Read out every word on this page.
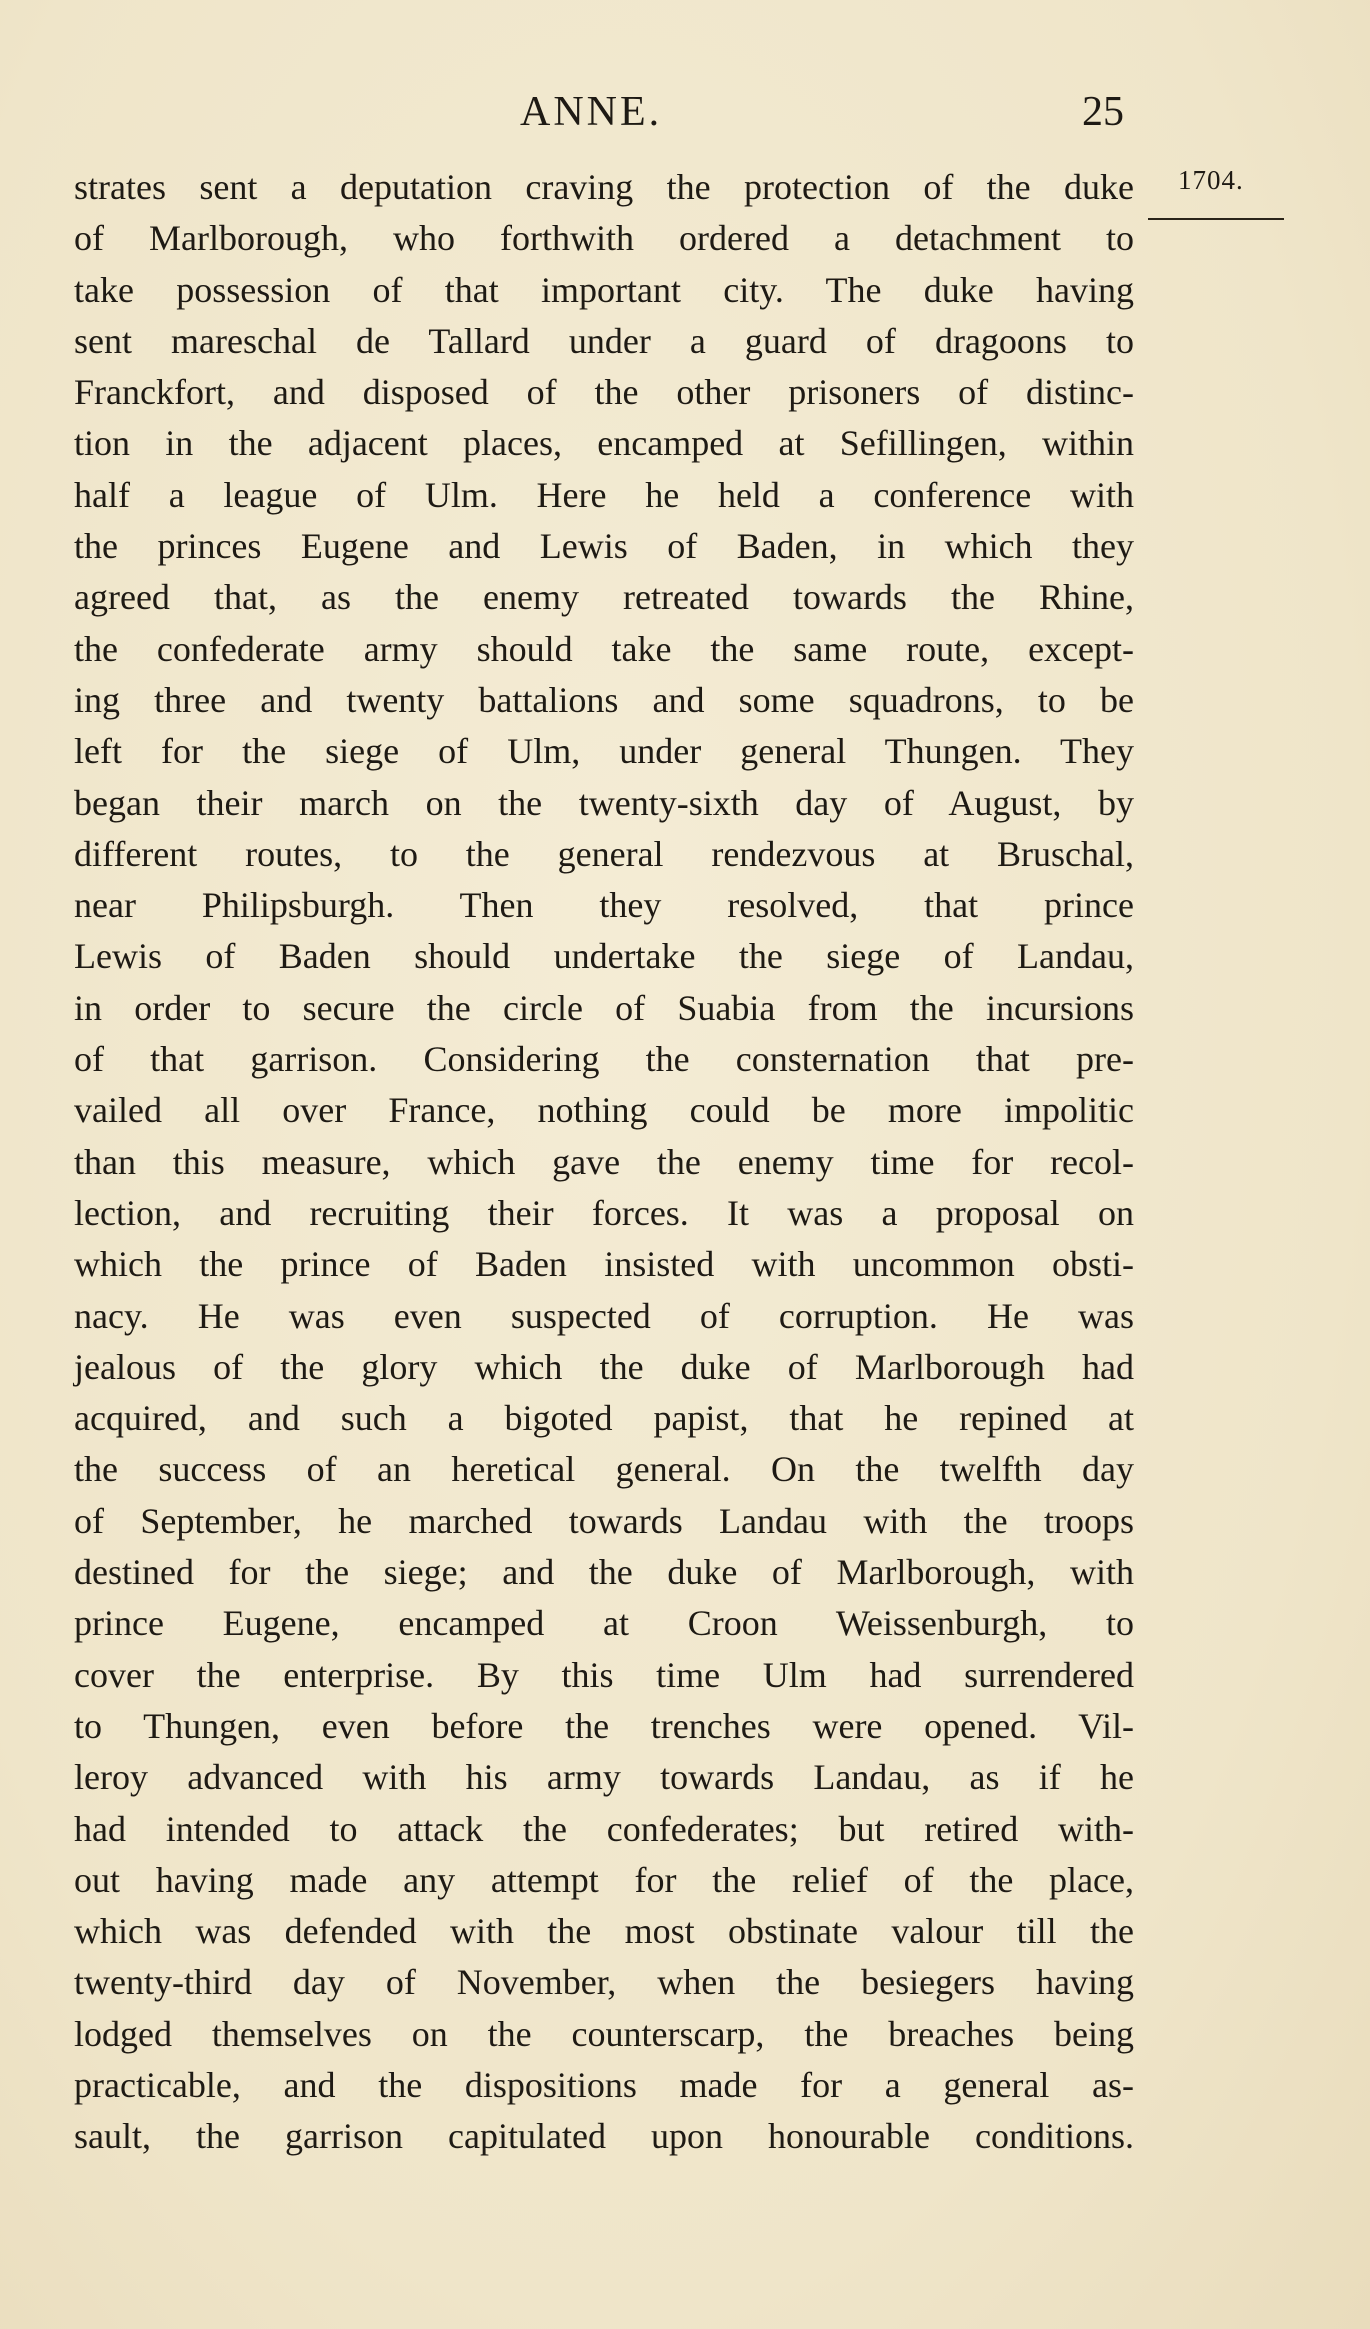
ANNE.	25
1704.
strates sent a deputation craving the protection of the duke
of Marlborough, who forthwith ordered a detachment to
take possession of that important city. The duke having
sent mareschal de Tallard under a guard of dragoons to
Franckfort, and disposed of the other prisoners of distinc-
tion in the adjacent places, encamped at Sefillingen, within
half a league of Ulm. Here he held a conference with
the princes Eugene and Lewis of Baden, in which they
agreed that, as the enemy retreated towards the Rhine,
the confederate army should take the same route, except-
ing three and twenty battalions and some squadrons, to be
left for the siege of Ulm, under general Thungen. They
began their march on the twenty-sixth day of August, by
different routes, to the general rendezvous at Bruschal,
near Philipsburgh. Then they resolved, that prince
Lewis of Baden should undertake the siege of Landau,
in order to secure the circle of Suabia from the incursions
of that garrison. Considering the consternation that pre-
vailed all over France, nothing could be more impolitic
than this measure, which gave the enemy time for recol-
lection, and recruiting their forces. It was a proposal on
which the prince of Baden insisted with uncommon obsti-
nacy. He was even suspected of corruption. He was
jealous of the glory which the duke of Marlborough had
acquired, and such a bigoted papist, that he repined at
the success of an heretical general. On the twelfth day
of September, he marched towards Landau with the troops
destined for the siege; and the duke of Marlborough, with
prince Eugene, encamped at Croon Weissenburgh, to
cover the enterprise. By this time Ulm had surrendered
to Thungen, even before the trenches were opened. Vil-
leroy advanced with his army towards Landau, as if he
had intended to attack the confederates; but retired with-
out having made any attempt for the relief of the place,
which was defended with the most obstinate valour till the
twenty-third day of November, when the besiegers having
lodged themselves on the counterscarp, the breaches being
practicable, and the dispositions made for a general as-
sault, the garrison capitulated upon honourable conditions.
